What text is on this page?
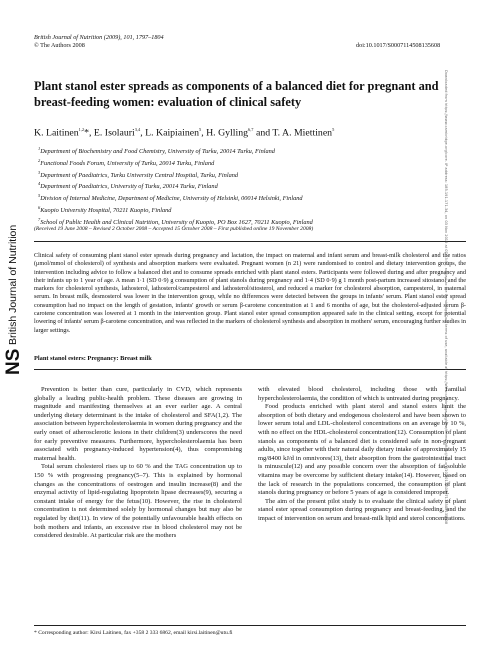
British Journal of Nutrition (2009), 101, 1797–1804
© The Authors 2008	doi:10.1017/S0007114508135608
Plant stanol ester spreads as components of a balanced diet for pregnant and breast-feeding women: evaluation of clinical safety
K. Laitinen$^{1,2}$*, E. Isolauri$^{3,4}$, L. Kaipiainen$^5$, H. Gylling$^{6,7}$ and T. A. Miettinen$^5$
$^1$Department of Biochemistry and Food Chemistry, University of Turku, 20014 Turku, Finland
$^2$Functional Foods Forum, University of Turku, 20014 Turku, Finland
$^3$Department of Paediatrics, Turku University Central Hospital, Turku, Finland
$^4$Department of Paediatrics, University of Turku, 20014 Turku, Finland
$^5$Division of Internal Medicine, Department of Medicine, University of Helsinki, 00014 Helsinki, Finland
$^6$Kuopio University Hospital, 70211 Kuopio, Finland
$^7$School of Public Health and Clinical Nutrition, University of Kuopio, PO Box 1627, 70211 Kuopio, Finland
(Received 19 June 2008 – Revised 2 October 2008 – Accepted 15 October 2008 – First published online 19 November 2008)
Clinical safety of consuming plant stanol ester spreads during pregnancy and lactation, the impact on maternal and infant serum and breast-milk cholesterol and the ratios (μmol/mmol of cholesterol) of synthesis and absorption markers were evaluated. Pregnant women (n 21) were randomised to control and dietary intervention groups, the intervention including advice to follow a balanced diet and to consume spreads enriched with plant stanol esters. Participants were followed during and after pregnancy and their infants up to 1 year of age. A mean 1·1 (SD 0·9) g consumption of plant stanols during pregnancy and 1·4 (SD 0·9) g 1 month post-partum increased sitostanol and the markers for cholesterol synthesis, lathosterol, lathosterol/campesterol and lathosterol/sitosterol, and reduced a marker for cholesterol absorption, campesterol, in maternal serum. In breast milk, desmosterol was lower in the intervention group, while no differences were detected between the groups in infants' serum. Plant stanol ester spread consumption had no impact on the length of gestation, infants' growth or serum β-carotene concentration at 1 and 6 months of age, but the cholesterol-adjusted serum β-carotene concentration was lowered at 1 month in the intervention group. Plant stanol ester spread consumption appeared safe in the clinical setting, except for potential lowering of infants' serum β-carotene concentration, and was reflected in the markers of cholesterol synthesis and absorption in mothers' serum, encouraging further studies in larger settings.
Plant stanol esters: Pregnancy: Breast milk
NS
British Journal of Nutrition	Downloaded from https://www.cambridge.org/core. IP address: 185.191.171.34, on 03 Nov 2019 at 07:53:57, subject to the Cambridge Core terms of use, available at https://www.cambridge.org/core/terms. https://doi.org/10.1017/S0007114508135608

Prevention is better than cure, particularly in CVD, which represents globally a leading public-health problem. These diseases are growing in magnitude and manifesting themselves at an ever earlier age. A central underlying dietary determinant is the intake of cholesterol and SFA(1,2). The association between hypercholesterolaemia in women during pregnancy and the early onset of atherosclerotic lesions in their children(3) underscores the need for early preventive measures. Furthermore, hypercholesterolaemia has been associated with pregnancy-induced hypertension(4), thus compromising maternal health.

Total serum cholesterol rises up to 60 % and the TAG concentration up to 150 % with progressing pregnancy(5–7). This is explained by hormonal changes as the concentrations of oestrogen and insulin increase(8) and the enzymal activity of lipid-regulating lipoprotein lipase decreases(9), securing a constant intake of energy for the fetus(10). However, the rise in cholesterol concentration is not determined solely by hormonal changes but may also be regulated by diet(11). In view of the potentially unfavourable health effects on both mothers and infants, an excessive rise in blood cholesterol may not be considered desirable. At particular risk are the mothers

with elevated blood cholesterol, including those with familial hypercholesterolaemia, the condition of which is untreated during pregnancy.

Food products enriched with plant sterol and stanol esters limit the absorption of both dietary and endogenous cholesterol and have been shown to lower serum total and LDL-cholesterol concentrations on an average by 10 %, with no effect on the HDL-cholesterol concentration(12). Consumption of plant stanols as components of a balanced diet is considered safe in non-pregnant adults, since together with their natural daily dietary intake of approximately 15 mg/8400 kJ/d in omnivores(13), their absorption from the gastrointestinal tract is minuscule(12) and any possible concern over the absorption of fat-soluble vitamins may be overcome by sufficient dietary intake(14). However, based on the lack of research in the populations concerned, the consumption of plant stanols during pregnancy or before 5 years of age is considered improper.

The aim of the present pilot study is to evaluate the clinical safety of plant stanol ester spread consumption during pregnancy and breast-feeding, and the impact of intervention on serum and breast-milk lipid and sterol concentrations.

* Corresponding author: Kirsi Laitinen, fax +358 2 333 6862, email kirsi.laitinen@utu.fi
